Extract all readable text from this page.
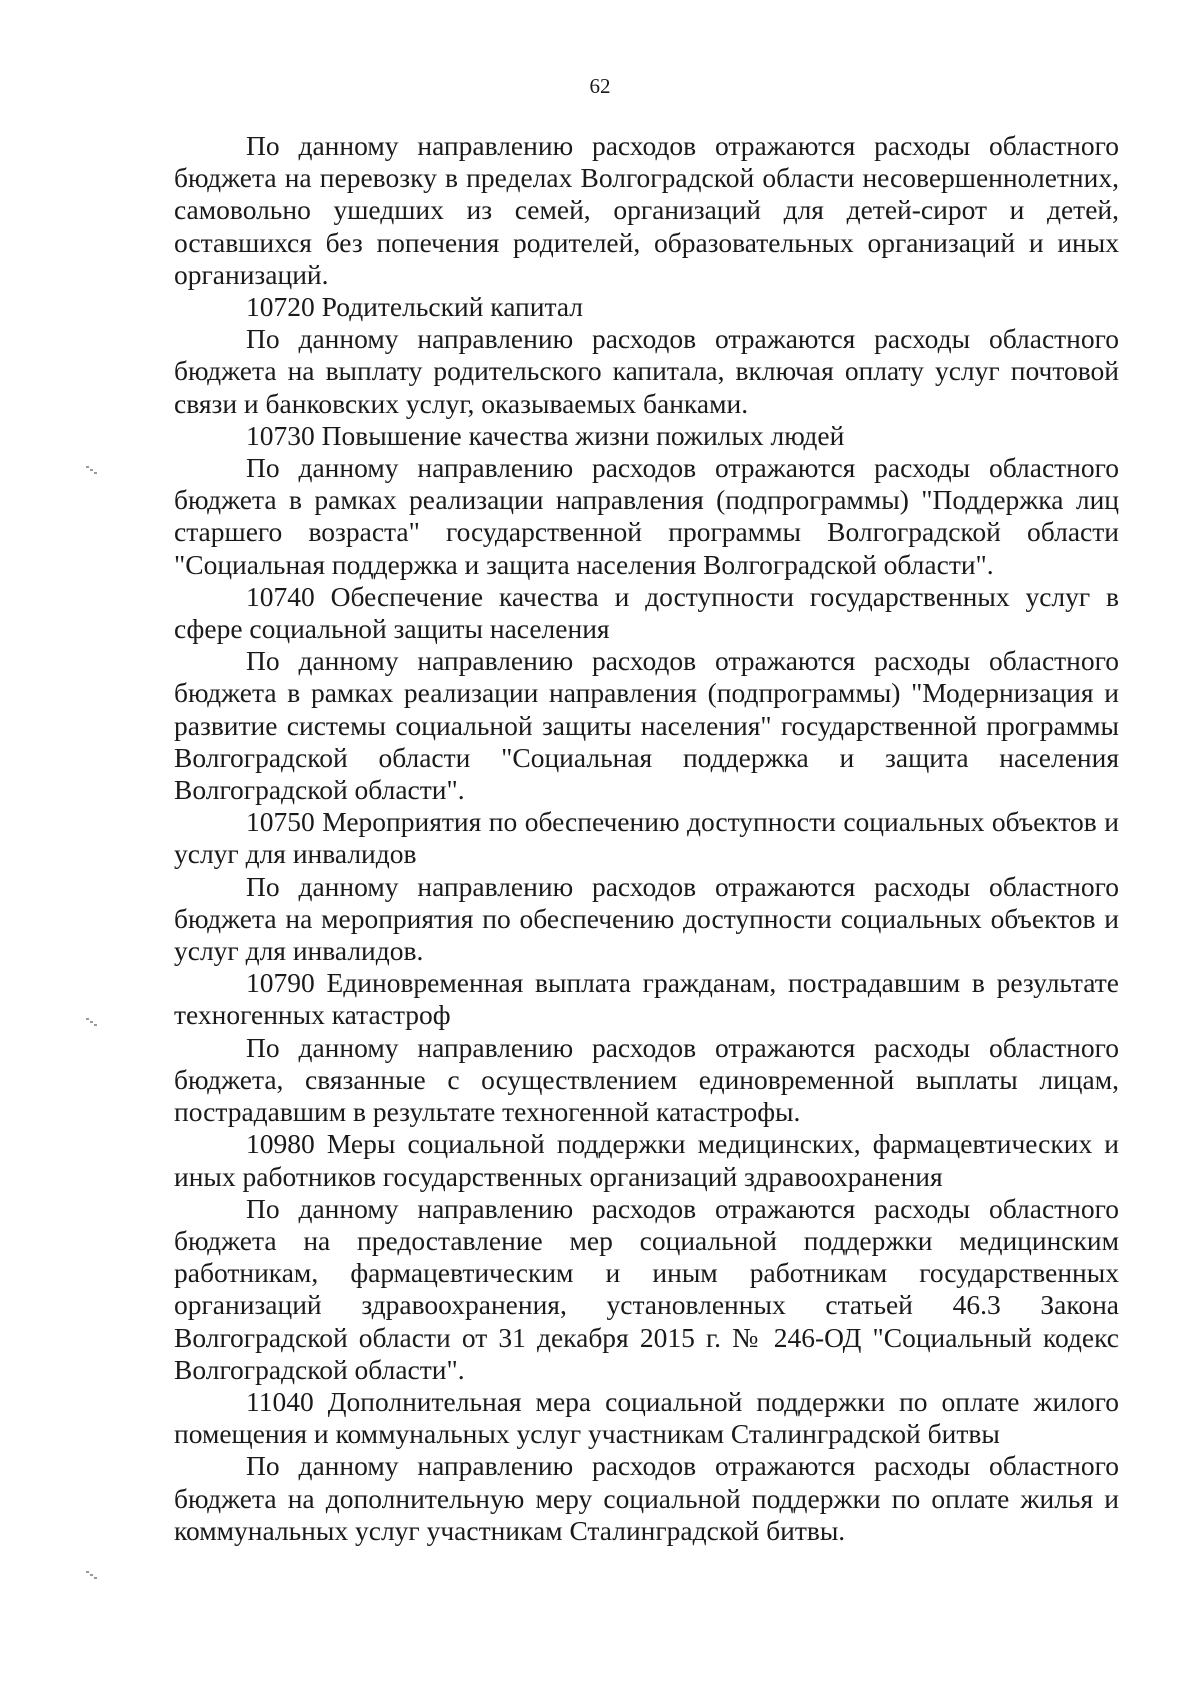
62

По данному направлению расходов отражаются расходы областного бюджета на перевозку в пределах Волгоградской области несовершеннолетних, самовольно ушедших из семей, организаций для детей-сирот и детей, оставшихся без попечения родителей, образовательных организаций и иных организаций.

10720 Родительский капитал

По данному направлению расходов отражаются расходы областного бюджета на выплату родительского капитала, включая оплату услуг почтовой связи и банковских услуг, оказываемых банками.

10730 Повышение качества жизни пожилых людей

По данному направлению расходов отражаются расходы областного бюджета в рамках реализации направления (подпрограммы) "Поддержка лиц старшего возраста" государственной программы Волгоградской области "Социальная поддержка и защита населения Волгоградской области".

10740 Обеспечение качества и доступности государственных услуг в сфере социальной защиты населения

По данному направлению расходов отражаются расходы областного бюджета в рамках реализации направления (подпрограммы) "Модернизация и развитие системы социальной защиты населения" государственной программы Волгоградской области "Социальная поддержка и защита населения Волгоградской области".

10750 Мероприятия по обеспечению доступности социальных объектов и услуг для инвалидов

По данному направлению расходов отражаются расходы областного бюджета на мероприятия по обеспечению доступности социальных объектов и услуг для инвалидов.

10790 Единовременная выплата гражданам, пострадавшим в результате техногенных катастроф

По данному направлению расходов отражаются расходы областного бюджета, связанные с осуществлением единовременной выплаты лицам, пострадавшим в результате техногенной катастрофы.

10980 Меры социальной поддержки медицинских, фармацевтических и иных работников государственных организаций здравоохранения

По данному направлению расходов отражаются расходы областного бюджета на предоставление мер социальной поддержки медицинским работникам, фармацевтическим и иным работникам государственных организаций здравоохранения, установленных статьей 46.3 Закона Волгоградской области от 31 декабря 2015 г. № 246-ОД "Социальный кодекс Волгоградской области".

11040 Дополнительная мера социальной поддержки по оплате жилого помещения и коммунальных услуг участникам Сталинградской битвы

По данному направлению расходов отражаются расходы областного бюджета на дополнительную меру социальной поддержки по оплате жилья и коммунальных услуг участникам Сталинградской битвы.
